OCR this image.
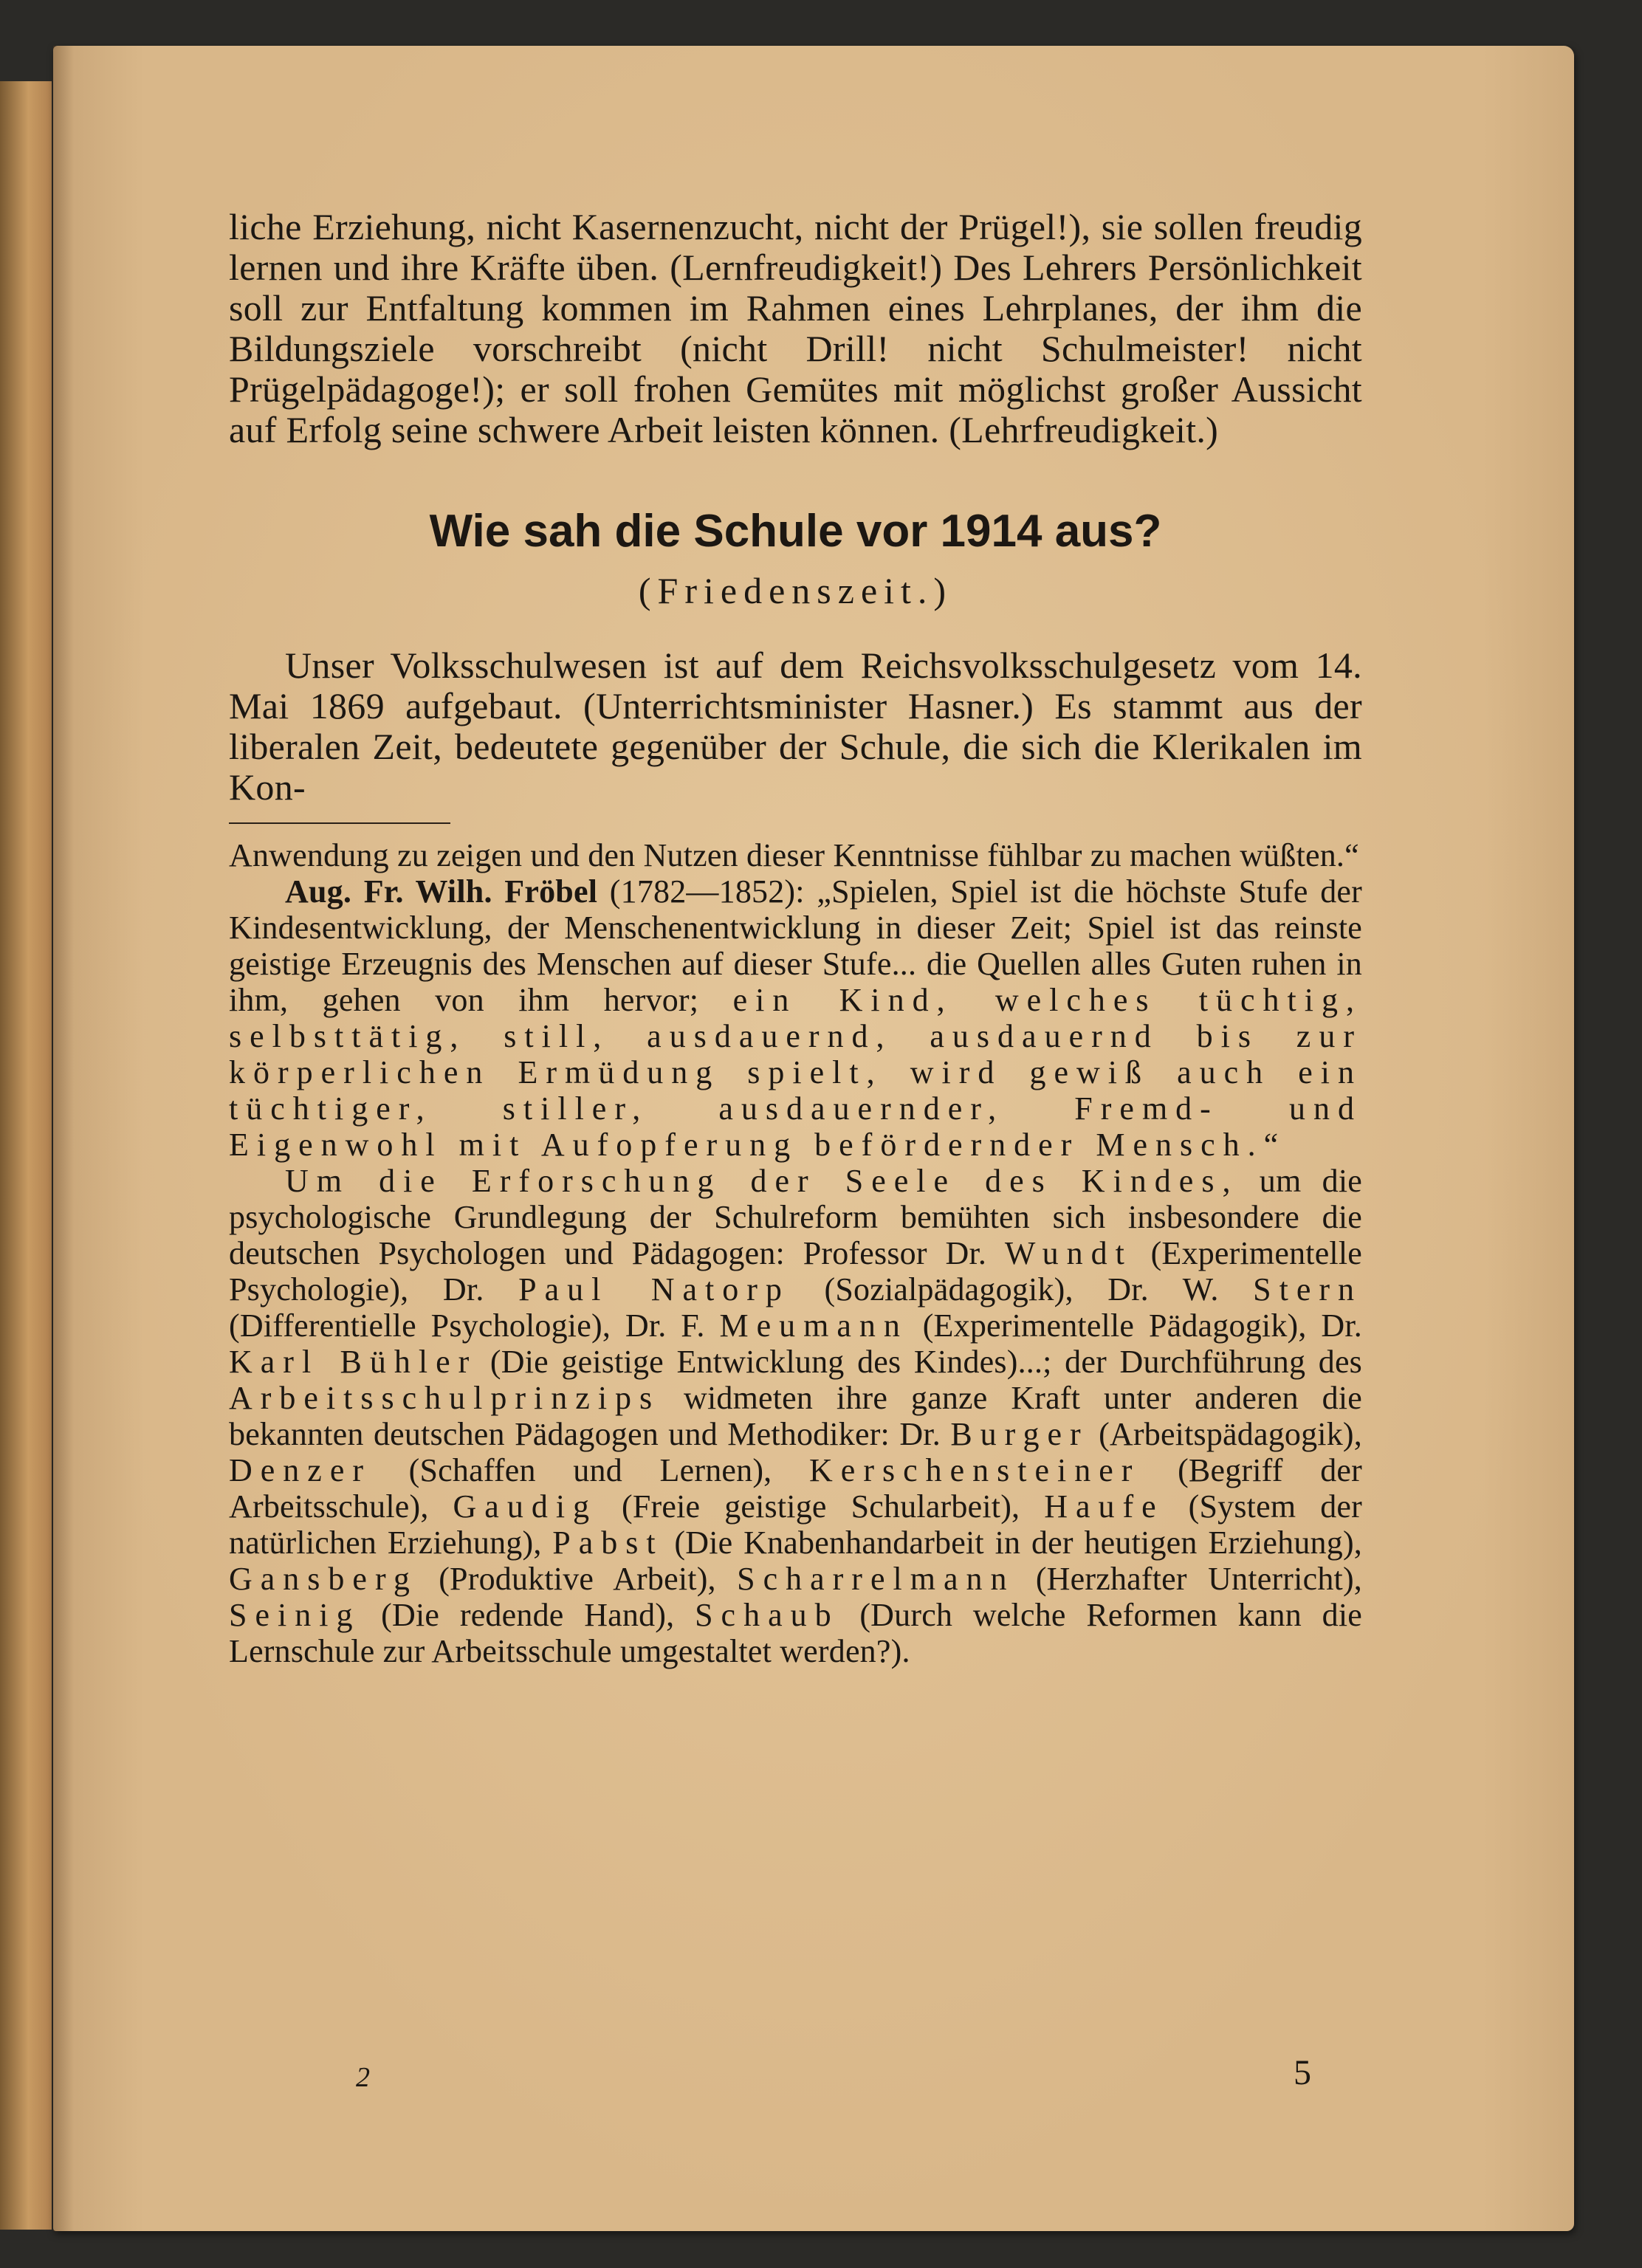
liche Erziehung, nicht Kasernenzucht, nicht der Prügel!), sie sollen freudig lernen und ihre Kräfte üben. (Lernfreudigkeit!) Des Lehrers Persönlichkeit soll zur Entfaltung kommen im Rahmen eines Lehrplanes, der ihm die Bildungsziele vorschreibt (nicht Drill! nicht Schulmeister! nicht Prügelpädagoge!); er soll frohen Gemütes mit möglichst großer Aussicht auf Erfolg seine schwere Arbeit leisten können. (Lehrfreudigkeit.)

Wie sah die Schule vor 1914 aus?
(Friedenszeit.)

Unser Volksschulwesen ist auf dem Reichsvolksschulgesetz vom 14. Mai 1869 aufgebaut. (Unterrichtsminister Hasner.) Es stammt aus der liberalen Zeit, bedeutete gegenüber der Schule, die sich die Klerikalen im Kon-

Anwendung zu zeigen und den Nutzen dieser Kenntnisse fühlbar zu machen wüßten.“

Aug. Fr. Wilh. Fröbel (1782—1852): „Spielen, Spiel ist die höchste Stufe der Kindesentwicklung, der Menschenentwicklung in dieser Zeit; Spiel ist das reinste geistige Erzeugnis des Menschen auf dieser Stufe... die Quellen alles Guten ruhen in ihm, gehen von ihm hervor; ein Kind, welches tüchtig, selbsttätig, still, ausdauernd, ausdauernd bis zur körperlichen Ermüdung spielt, wird gewiß auch ein tüchtiger, stiller, ausdauernder, Fremd- und Eigenwohl mit Aufopferung befördernder Mensch.“

Um die Erforschung der Seele des Kindes, um die psychologische Grundlegung der Schulreform bemühten sich insbesondere die deutschen Psychologen und Pädagogen: Professor Dr. Wundt (Experimentelle Psychologie), Dr. Paul Natorp (Sozialpädagogik), Dr. W. Stern (Differentielle Psychologie), Dr. F. Meumann (Experimentelle Pädagogik), Dr. Karl Bühler (Die geistige Entwicklung des Kindes)...; der Durchführung des Arbeitsschulprinzips widmeten ihre ganze Kraft unter anderen die bekannten deutschen Pädagogen und Methodiker: Dr. Burger (Arbeitspädagogik), Denzer (Schaffen und Lernen), Kerschensteiner (Begriff der Arbeitsschule), Gaudig (Freie geistige Schularbeit), Haufe (System der natürlichen Erziehung), Pabst (Die Knabenhandarbeit in der heutigen Erziehung), Gansberg (Produktive Arbeit), Scharrelmann (Herzhafter Unterricht), Seinig (Die redende Hand), Schaub (Durch welche Reformen kann die Lernschule zur Arbeitsschule umgestaltet werden?).

2	5
